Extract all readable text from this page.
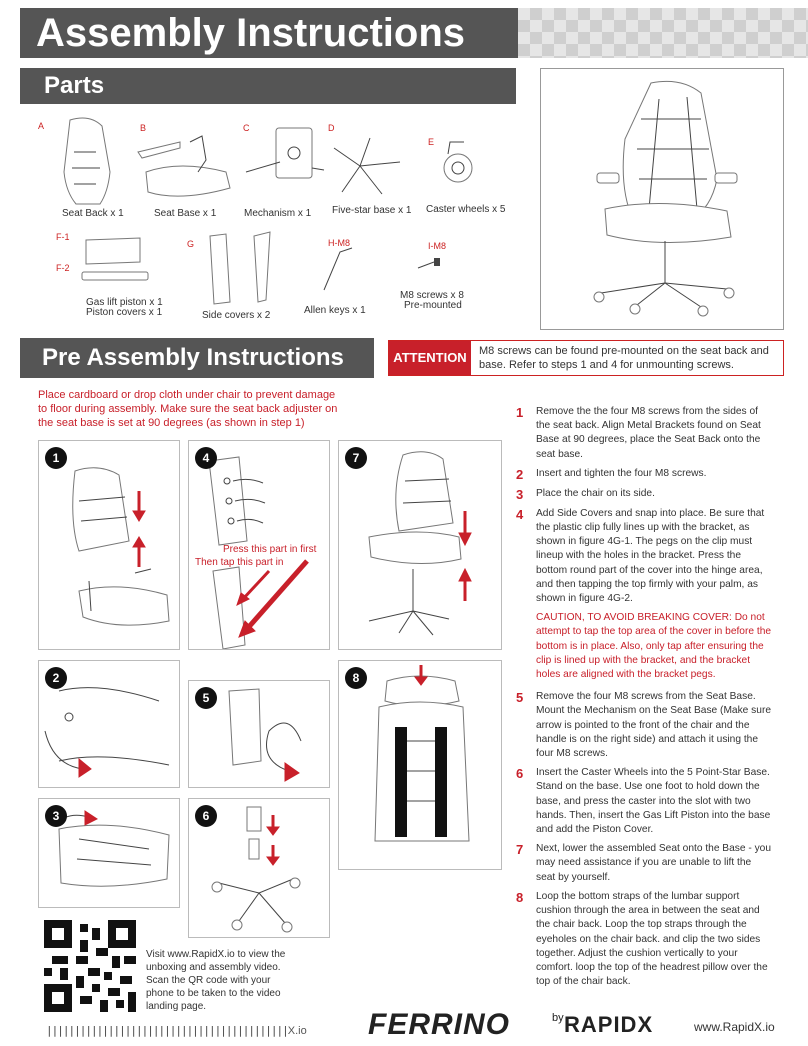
Assembly Instructions
Parts
A
Seat Back x 1
B
Seat Base x 1
C
Mechanism x 1
D
Five-star base x 1
E
Caster wheels x 5
F-1
F-2
Gas lift piston x 1
Piston covers x 1
G
Side covers x 2
H-M8
Allen keys x 1
I-M8
M8 screws x 8
Pre-mounted
Pre Assembly Instructions	ATTENTION	M8 screws can be found pre-mounted on the seat back and base. Refer to steps 1 and 4 for unmounting screws.
Place cardboard or drop cloth under chair to prevent damage to floor during assembly. Make sure the seat back adjuster on the seat base is set at 90 degrees (as shown in step 1)
1	4
Press this part in first
Then tap this part in
7
2
5
8
3	6
1	Remove the the four M8 screws from the sides of the seat back. Align Metal Brackets found on Seat Base at 90 degrees, place the Seat Back onto the seat base.
2	Insert and tighten the four M8 screws.
3	Place the chair on its side.
4	Add Side Covers and snap into place. Be sure that the plastic clip fully lines up with the bracket, as shown in figure 4G-1. The pegs on the clip must lineup with the holes in the bracket. Press the bottom round part of the cover into the hinge area, and then tapping the top firmly with your palm, as shown in figure 4G-2.
CAUTION, TO AVOID BREAKING COVER: Do not attempt to tap the top area of the cover in before the bottom is in place. Also, only tap after ensuring the clip is lined up with the bracket, and the bracket holes are aligned with the bracket pegs.
5	Remove the four M8 screws from the Seat Base. Mount the Mechanism on the Seat Base (Make sure arrow is pointed to the front of the chair and the handle is on the right side) and attach it using the four M8 screws.
6	Insert the Caster Wheels into the 5 Point-Star Base. Stand on the base. Use one foot to hold down the base, and press the caster into the slot with two hands. Then, insert the Gas Lift Piston into the base and add the Piston Cover.
7	Next, lower the assembled Seat onto the Base - you may need assistance if you are unable to lift the seat by yourself.
8	Loop the bottom straps of the lumbar support cushion through the area in between the seat and the chair back. Loop the top straps through the eyeholes on the chair back. and clip the two sides together. Adjust the cushion vertically to your comfort. loop the top of the headrest pillow over the top of the chair back.
Visit www.RapidX.io to view the unboxing and assembly video. Scan the QR code with your phone to be taken to the video landing page.
|||||||||||||||||||||||||||||||||||||||||||X.io FERRINO	by RAPIDX	www.RapidX.io
